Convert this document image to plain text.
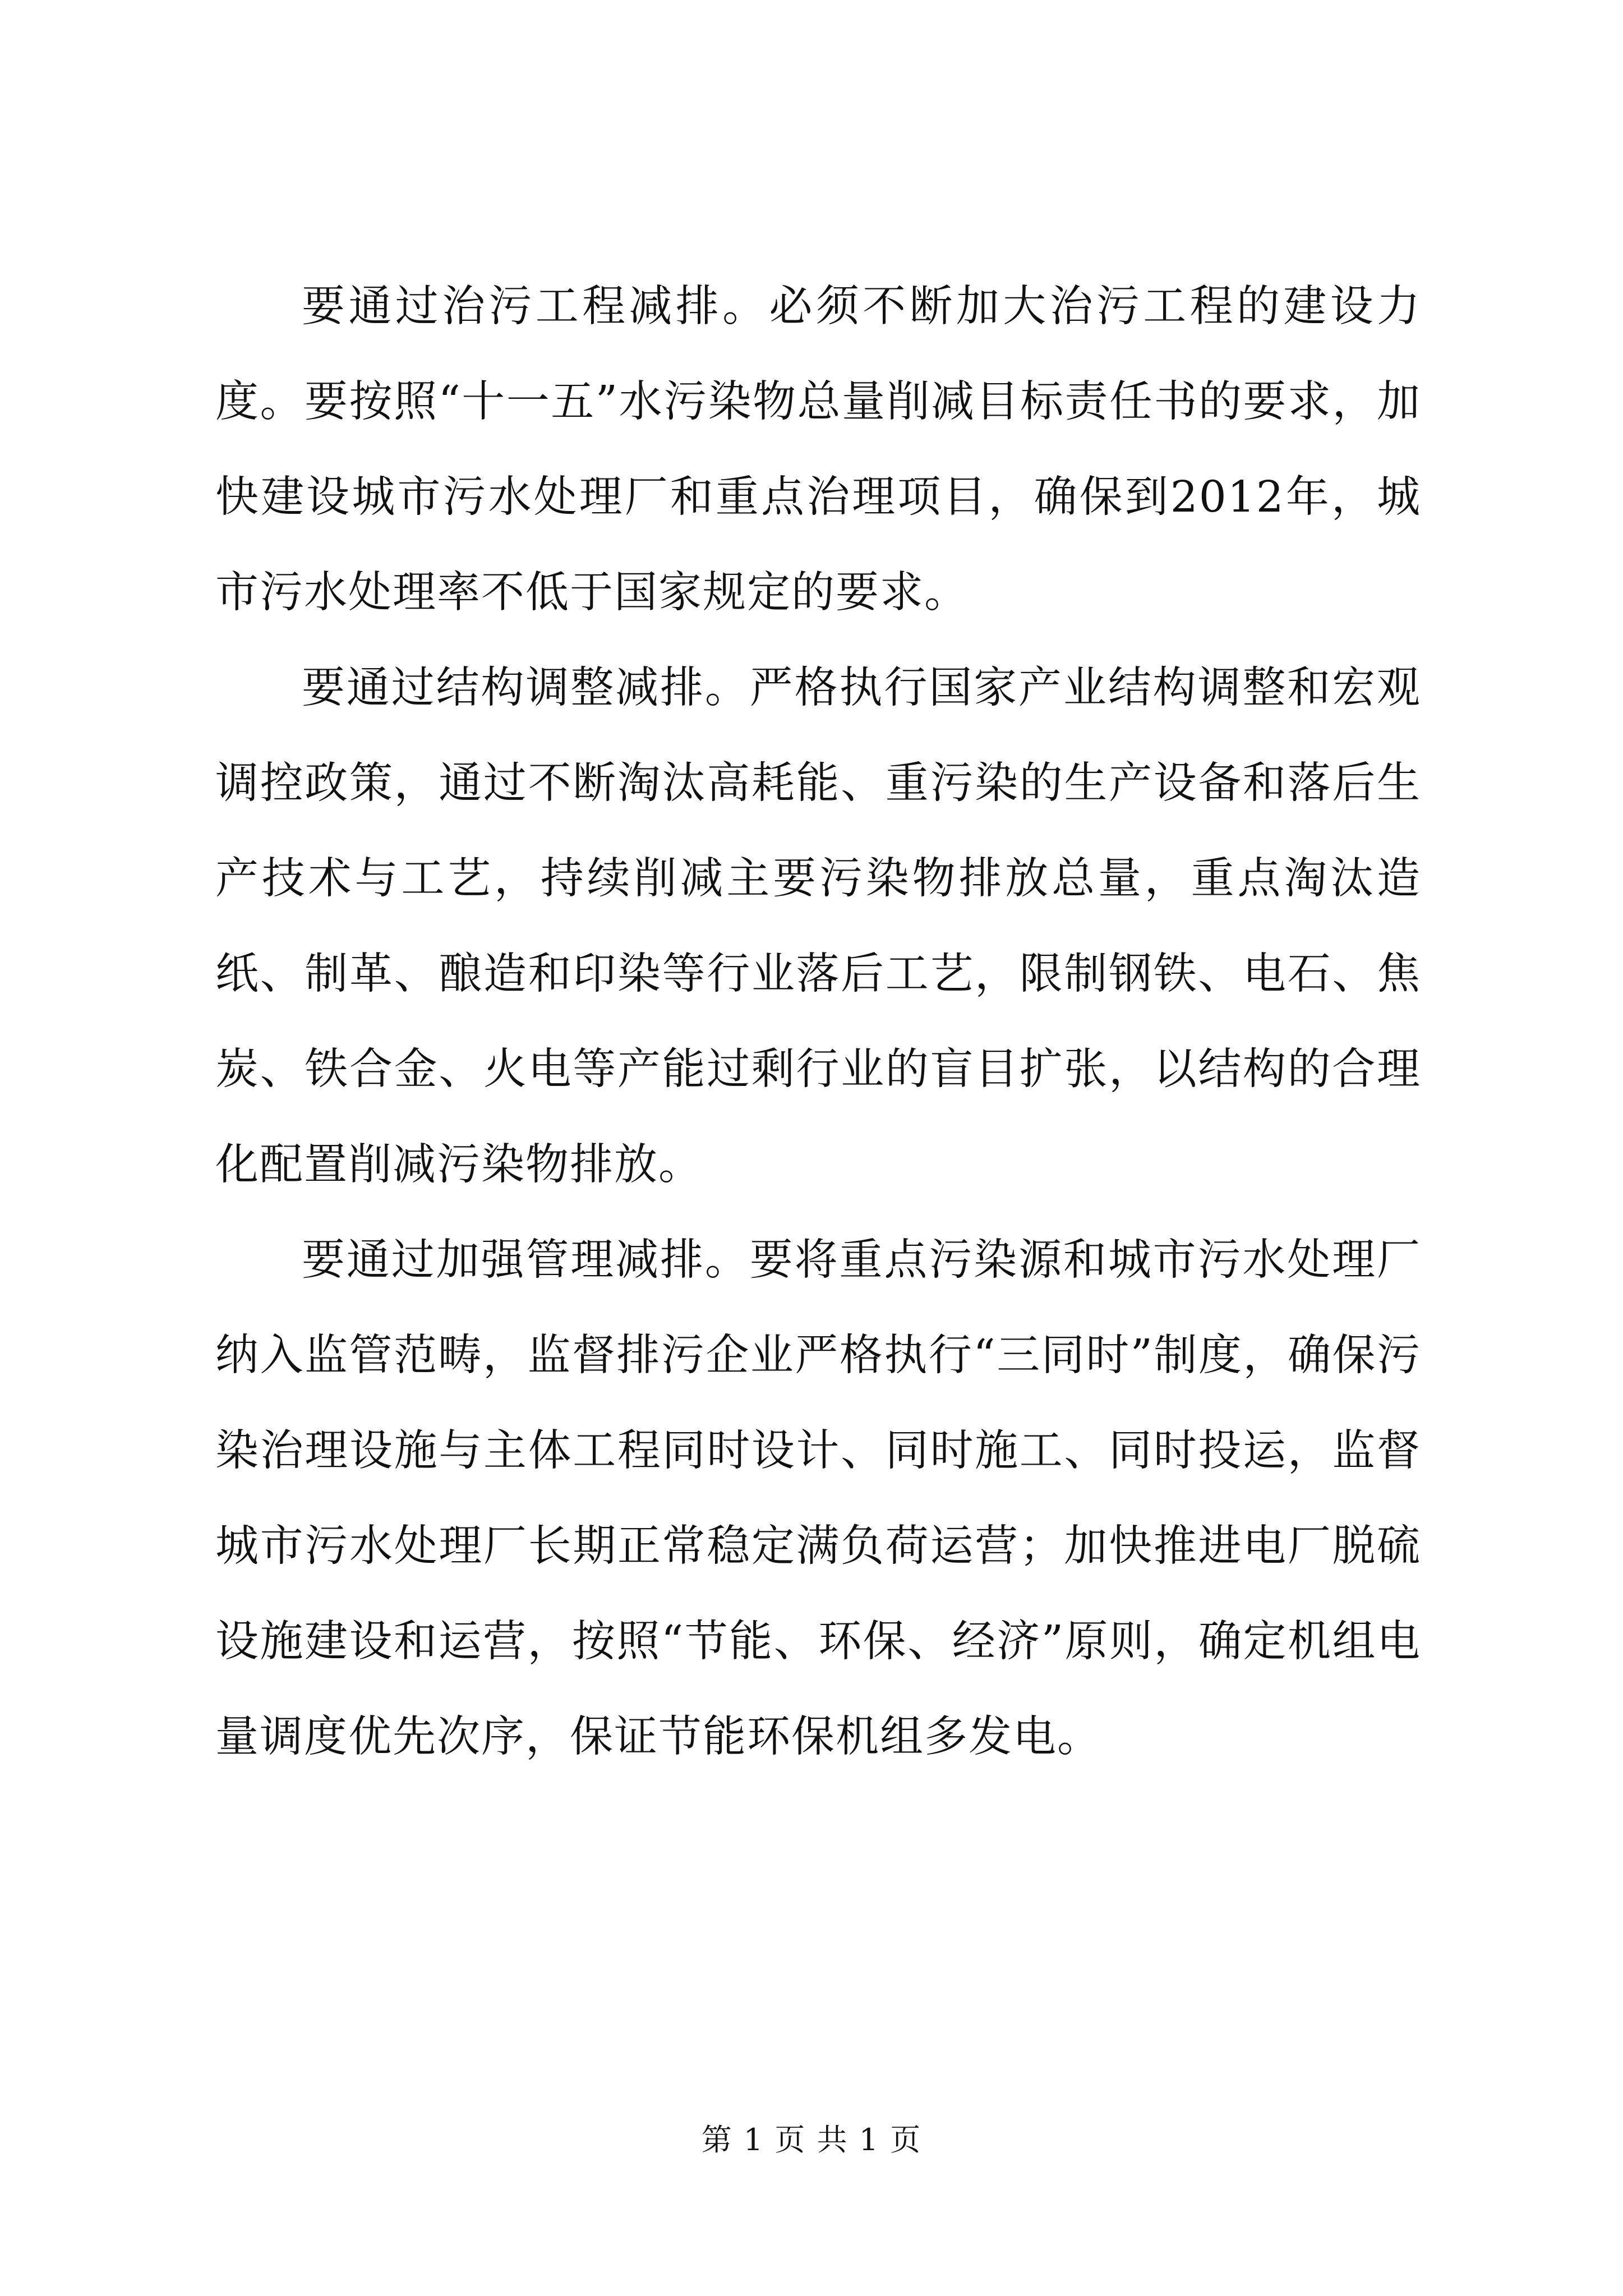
要通过治污工程减排。必须不断加大治污工程的建设力度。要按照“十一五”水污染物总量削减目标责任书的要求，加快建设城市污水处理厂和重点治理项目，确保到2012年，城市污水处理率不低于国家规定的要求。

要通过结构调整减排。严格执行国家产业结构调整和宏观调控政策，通过不断淘汰高耗能、重污染的生产设备和落后生产技术与工艺，持续削减主要污染物排放总量，重点淘汰造纸、制革、酿造和印染等行业落后工艺，限制钢铁、电石、焦炭、铁合金、火电等产能过剩行业的盲目扩张，以结构的合理化配置削减污染物排放。

要通过加强管理减排。要将重点污染源和城市污水处理厂纳入监管范畴，监督排污企业严格执行“三同时”制度，确保污染治理设施与主体工程同时设计、同时施工、同时投运，监督城市污水处理厂长期正常稳定满负荷运营；加快推进电厂脱硫设施建设和运营，按照“节能、环保、经济”原则，确定机组电量调度优先次序，保证节能环保机组多发电。

第 1 页 共 1 页
